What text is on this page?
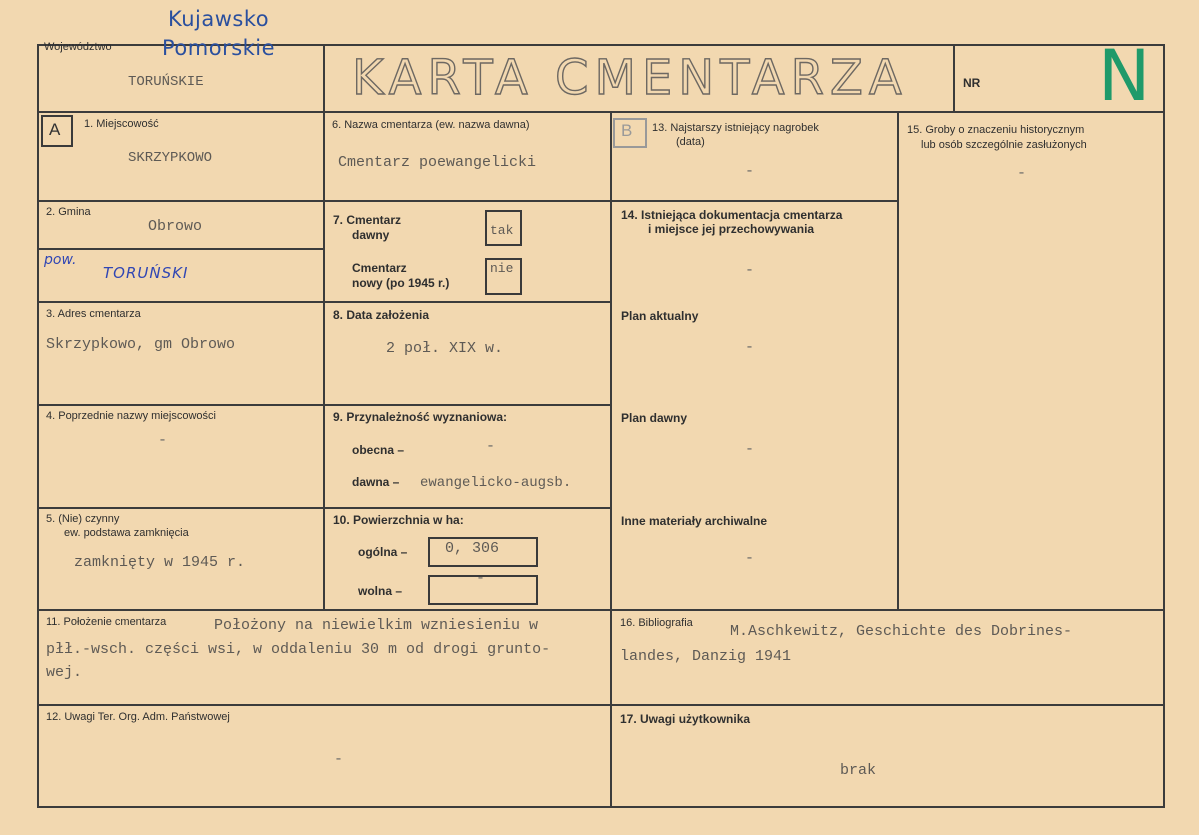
Województwo
TORUŃSKIE
Kujawsko
Pomorskie
KARTA CMENTARZA	NR N
A	B
1. Miejscowość
SKRZYPKOWO
2. Gmina
Obrowo
pow.
TORUŃSKI
3. Adres cmentarza
Skrzypkowo, gm Obrowo
4. Poprzednie nazwy miejscowości
-
5. (Nie) czynny
ew. podstawa zamknięcia
zamknięty w 1945 r.
6. Nazwa cmentarza (ew. nazwa dawna)
Cmentarz poewangelicki
7. Cmentarz
dawny	tak
Cmentarz
nowy (po 1945 r.)
nie
8. Data założenia
2 poł. XIX w.
9. Przynależność wyznaniowa:
obecna –	-
dawna – ewangelicko-augsb.
10. Powierzchnia w ha:
ogólna –	0, 306
wolna –
-
11. Położenie cmentarza	Położony na niewielkim wzniesieniu w
płł.-wsch. części wsi, w oddaleniu 30 m od drogi grunto-
wej.
12. Uwagi Ter. Org. Adm. Państwowej
-
13. Najstarszy istniejący nagrobek
(data)
-
14. Istniejąca dokumentacja cmentarza
i miejsce jej przechowywania
-
Plan aktualny
-
Plan dawny
-
Inne materiały archiwalne
-
15. Groby o znaczeniu historycznym
lub osób szczególnie zasłużonych
-
16. Bibliografia M.Aschkewitz, Geschichte des Dobrines-
landes, Danzig 1941
17. Uwagi użytkownika
brak
